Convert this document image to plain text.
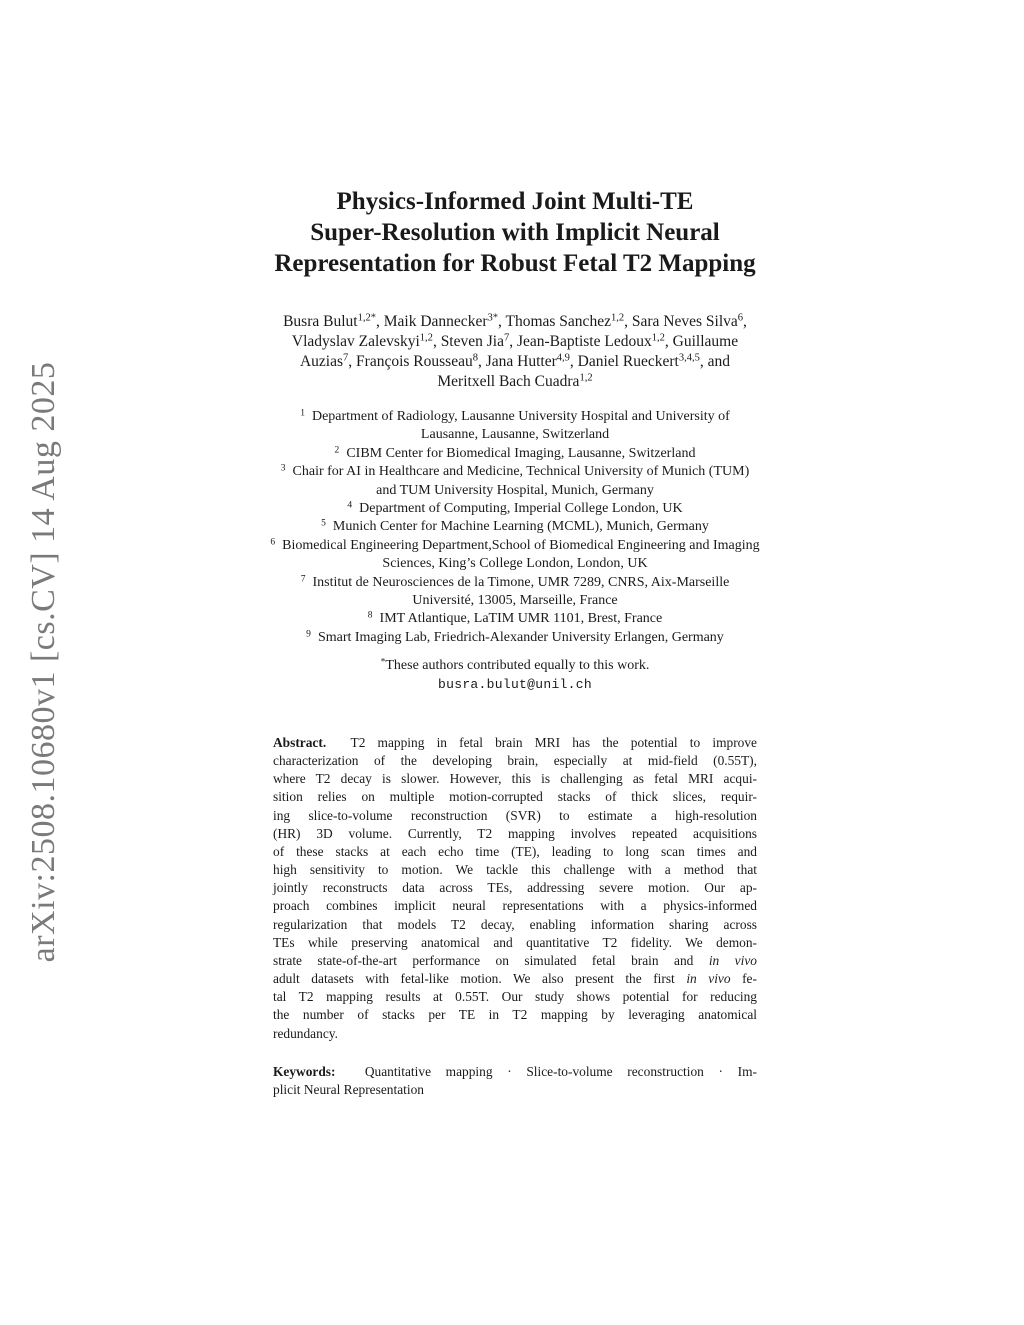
arXiv:2508.10680v1 [cs.CV] 14 Aug 2025
Physics-Informed Joint Multi-TE
Super-Resolution with Implicit Neural
Representation for Robust Fetal T2 Mapping
Busra Bulut$^{1,2*}$, Maik Dannecker$^{3*}$, Thomas Sanchez$^{1,2}$, Sara Neves Silva$^6$,
Vladyslav Zalevskyi$^{1,2}$, Steven Jia$^7$, Jean-Baptiste Ledoux$^{1,2}$, Guillaume
Auzias$^7$, François Rousseau$^8$, Jana Hutter$^{4,9}$, Daniel Rueckert$^{3,4,5}$, and
Meritxell Bach Cuadra$^{1,2}$
$^1$ Department of Radiology, Lausanne University Hospital and University of
Lausanne, Lausanne, Switzerland
$^2$ CIBM Center for Biomedical Imaging, Lausanne, Switzerland
$^3$ Chair for AI in Healthcare and Medicine, Technical University of Munich (TUM)
and TUM University Hospital, Munich, Germany
$^4$ Department of Computing, Imperial College London, UK
$^5$ Munich Center for Machine Learning (MCML), Munich, Germany
$^6$ Biomedical Engineering Department,School of Biomedical Engineering and Imaging
Sciences, King’s College London, London, UK
$^7$ Institut de Neurosciences de la Timone, UMR 7289, CNRS, Aix-Marseille
Université, 13005, Marseille, France
$^8$ IMT Atlantique, LaTIM UMR 1101, Brest, France
$^9$ Smart Imaging Lab, Friedrich-Alexander University Erlangen, Germany
*These authors contributed equally to this work.
busra.bulut@unil.ch
Abstract. T2 mapping in fetal brain MRI has the potential to improve
characterization of the developing brain, especially at mid-field (0.55T),
where T2 decay is slower. However, this is challenging as fetal MRI acqui-
sition relies on multiple motion-corrupted stacks of thick slices, requir-
ing slice-to-volume reconstruction (SVR) to estimate a high-resolution
(HR) 3D volume. Currently, T2 mapping involves repeated acquisitions
of these stacks at each echo time (TE), leading to long scan times and
high sensitivity to motion. We tackle this challenge with a method that
jointly reconstructs data across TEs, addressing severe motion. Our ap-
proach combines implicit neural representations with a physics-informed
regularization that models T2 decay, enabling information sharing across
TEs while preserving anatomical and quantitative T2 fidelity. We demon-
strate state-of-the-art performance on simulated fetal brain and in vivo
adult datasets with fetal-like motion. We also present the first in vivo fe-
tal T2 mapping results at 0.55T. Our study shows potential for reducing
the number of stacks per TE in T2 mapping by leveraging anatomical
redundancy.
Keywords: Quantitative mapping · Slice-to-volume reconstruction · Im-
plicit Neural Representation
